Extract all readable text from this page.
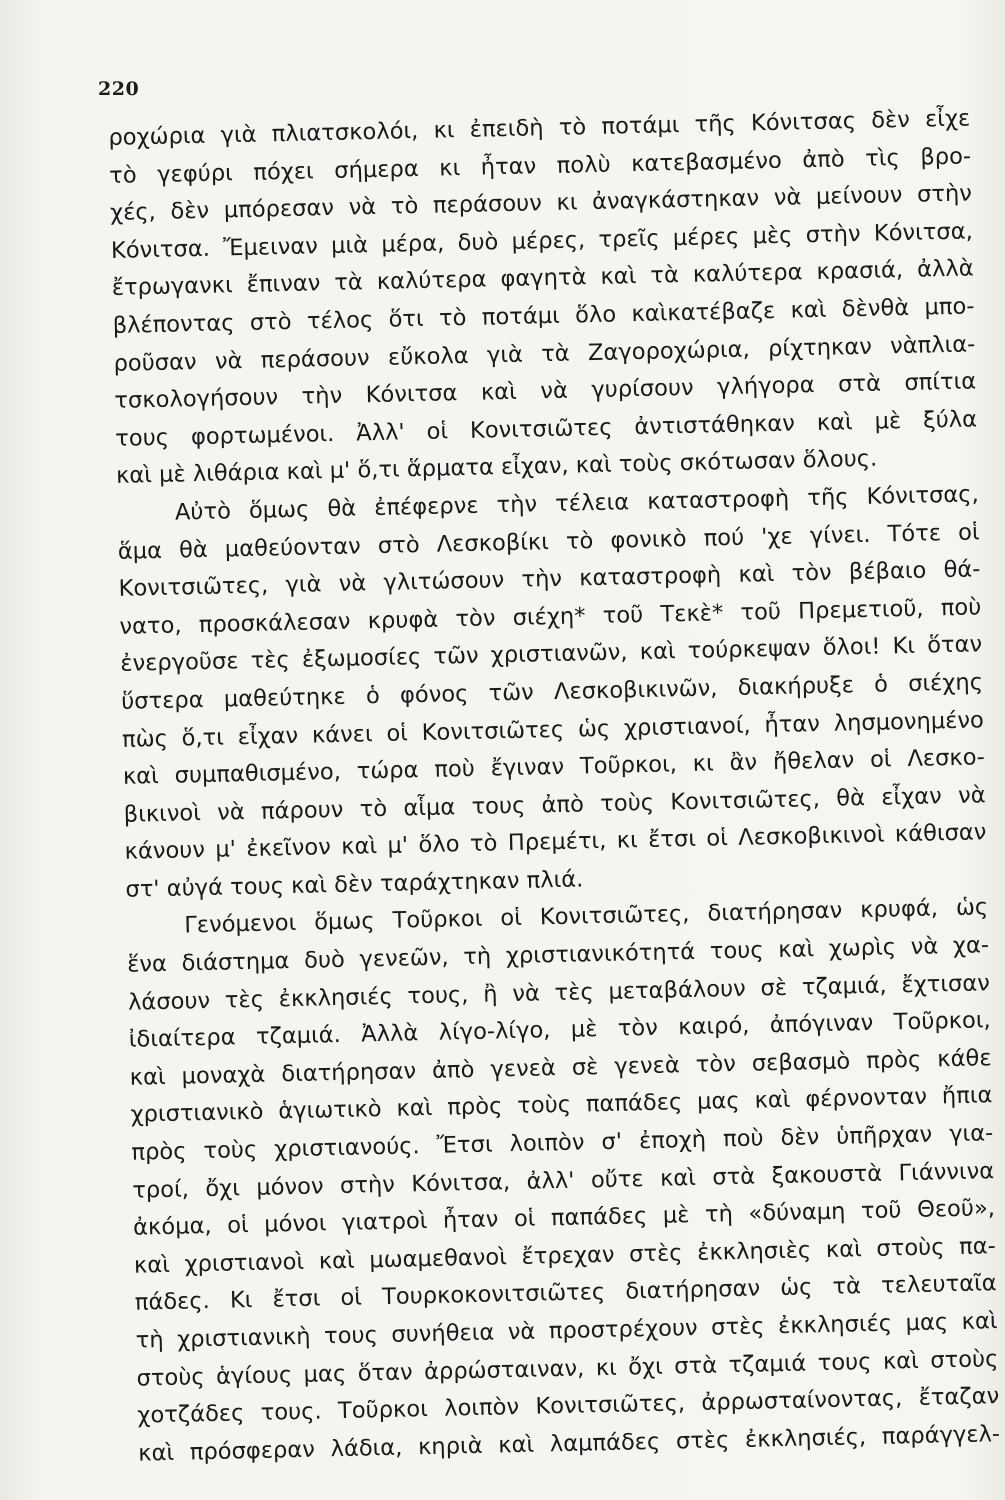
220
ροχώρια γιὰ πλιατσκολόι, κι ἐπειδὴ τὸ ποτάμι τῆς Κόνιτσας δὲν εἶχε
τὸ γεφύρι πόχει σήμερα κι ἦταν πολὺ κατεβασμένο ἀπὸ τὶς βρο-
χές, δὲν μπόρεσαν νὰ τὸ περάσουν κι ἀναγκάστηκαν νὰ μείνουν στὴν
Κόνιτσα. Ἔμειναν μιὰ μέρα, δυὸ μέρες, τρεῖς μέρες μὲς στὴν Κόνιτσα,
ἔτρωγανκι ἔπιναν τὰ καλύτερα φαγητὰ καὶ τὰ καλύτερα κρασιά, ἀλλὰ
βλέποντας στὸ τέλος ὅτι τὸ ποτάμι ὅλο καὶκατέβαζε καὶ δὲνθὰ μπο-
ροῦσαν νὰ περάσουν εὔκολα γιὰ τὰ Ζαγοροχώρια, ρίχτηκαν νὰπλια-
τσκολογήσουν τὴν Κόνιτσα καὶ νὰ γυρίσουν γλήγορα στὰ σπίτια
τους φορτωμένοι. Ἀλλ' οἱ Κονιτσιῶτες ἀντιστάθηκαν καὶ μὲ ξύλα
καὶ μὲ λιθάρια καὶ μ' ὅ,τι ἅρματα εἶχαν, καὶ τοὺς σκότωσαν ὅλους.
Αὐτὸ ὅμως θὰ ἐπέφερνε τὴν τέλεια καταστροφὴ τῆς Κόνιτσας,
ἅμα θὰ μαθεύονταν στὸ Λεσκοβίκι τὸ φονικὸ πού 'χε γίνει. Τότε οἱ
Κονιτσιῶτες, γιὰ νὰ γλιτώσουν τὴν καταστροφὴ καὶ τὸν βέβαιο θά-
νατο, προσκάλεσαν κρυφὰ τὸν σιέχη* τοῦ Τεκὲ* τοῦ Πρεμετιοῦ, ποὺ
ἐνεργοῦσε τὲς ἐξωμοσίες τῶν χριστιανῶν, καὶ τούρκεψαν ὅλοι! Κι ὅταν
ὕστερα μαθεύτηκε ὁ φόνος τῶν Λεσκοβικινῶν, διακήρυξε ὁ σιέχης
πὼς ὅ,τι εἶχαν κάνει οἱ Κονιτσιῶτες ὡς χριστιανοί, ἦταν λησμονημένο
καὶ συμπαθισμένο, τώρα ποὺ ἔγιναν Τοῦρκοι, κι ἂν ἤθελαν οἱ Λεσκο-
βικινοὶ νὰ πάρουν τὸ αἷμα τους ἀπὸ τοὺς Κονιτσιῶτες, θὰ εἶχαν νὰ
κάνουν μ' ἐκεῖνον καὶ μ' ὅλο τὸ Πρεμέτι, κι ἔτσι οἱ Λεσκοβικινοὶ κάθισαν
στ' αὐγά τους καὶ δὲν ταράχτηκαν πλιά.
Γενόμενοι ὅμως Τοῦρκοι οἱ Κονιτσιῶτες, διατήρησαν κρυφά, ὡς
ἕνα διάστημα δυὸ γενεῶν, τὴ χριστιανικότητά τους καὶ χωρὶς νὰ χα-
λάσουν τὲς ἐκκλησιές τους, ἢ νὰ τὲς μεταβάλουν σὲ τζαμιά, ἔχτισαν
ἰδιαίτερα τζαμιά. Ἀλλὰ λίγο-λίγο, μὲ τὸν καιρό, ἀπόγιναν Τοῦρκοι,
καὶ μοναχὰ διατήρησαν ἀπὸ γενεὰ σὲ γενεὰ τὸν σεβασμὸ πρὸς κάθε
χριστιανικὸ ἁγιωτικὸ καὶ πρὸς τοὺς παπάδες μας καὶ φέρνονταν ἤπια
πρὸς τοὺς χριστιανούς. Ἔτσι λοιπὸν σ' ἐποχὴ ποὺ δὲν ὑπῆρχαν για-
τροί, ὄχι μόνον στὴν Κόνιτσα, ἀλλ' οὔτε καὶ στὰ ξακουστὰ Γιάννινα
ἀκόμα, οἱ μόνοι γιατροὶ ἦταν οἱ παπάδες μὲ τὴ «δύναμη τοῦ Θεοῦ»,
καὶ χριστιανοὶ καὶ μωαμεθανοὶ ἔτρεχαν στὲς ἐκκλησιὲς καὶ στοὺς πα-
πάδες. Κι ἔτσι οἱ Τουρκοκονιτσιῶτες διατήρησαν ὡς τὰ τελευταῖα
τὴ χριστιανικὴ τους συνήθεια νὰ προστρέχουν στὲς ἐκκλησιές μας καὶ
στοὺς ἁγίους μας ὅταν ἀρρώσταιναν, κι ὄχι στὰ τζαμιά τους καὶ στοὺς
χοτζάδες τους. Τοῦρκοι λοιπὸν Κονιτσιῶτες, ἀρρωσταίνοντας, ἔταζαν
καὶ πρόσφεραν λάδια, κηριὰ καὶ λαμπάδες στὲς ἐκκλησιές, παράγγελ-
